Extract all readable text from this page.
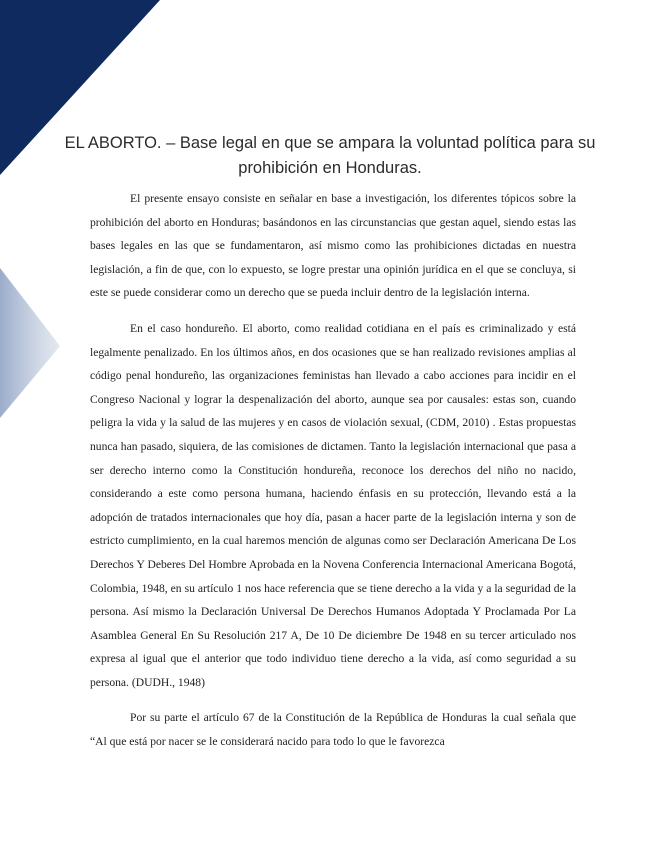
EL ABORTO. – Base legal en que se ampara la voluntad política para su prohibición en Honduras.

El presente ensayo consiste en señalar en base a investigación, los diferentes tópicos sobre la prohibición del aborto en Honduras; basándonos en las circunstancias que gestan aquel, siendo estas las bases legales en las que se fundamentaron, así mismo como las prohibiciones dictadas en nuestra legislación, a fin de que, con lo expuesto, se logre prestar una opinión jurídica en el que se concluya, si este se puede considerar como un derecho que se pueda incluir dentro de la legislación interna.

En el caso hondureño. El aborto, como realidad cotidiana en el país es criminalizado y está legalmente penalizado. En los últimos años, en dos ocasiones que se han realizado revisiones amplias al código penal hondureño, las organizaciones feministas han llevado a cabo acciones para incidir en el Congreso Nacional y lograr la despenalización del aborto, aunque sea por causales: estas son, cuando peligra la vida y la salud de las mujeres y en casos de violación sexual, (CDM, 2010) . Estas propuestas nunca han pasado, siquiera, de las comisiones de dictamen. Tanto la legislación internacional que pasa a ser derecho interno como la Constitución hondureña, reconoce los derechos del niño no nacido, considerando a este como persona humana, haciendo énfasis en su protección, llevando está a la adopción de tratados internacionales que hoy día, pasan a hacer parte de la legislación interna y son de estricto cumplimiento, en la cual haremos mención de algunas como ser Declaración Americana De Los Derechos Y Deberes Del Hombre Aprobada en la Novena Conferencia Internacional Americana Bogotá, Colombia, 1948, en su artículo 1 nos hace referencia que se tiene derecho a la vida y a la seguridad de la persona. Así mismo la Declaración Universal De Derechos Humanos Adoptada Y Proclamada Por La Asamblea General En Su Resolución 217 A, De 10 De diciembre De 1948 en su tercer articulado nos expresa al igual que el anterior que todo individuo tiene derecho a la vida, así como seguridad a su persona. (DUDH., 1948)

Por su parte el artículo 67 de la Constitución de la República de Honduras la cual señala que “Al que está por nacer se le considerará nacido para todo lo que le favorezca
